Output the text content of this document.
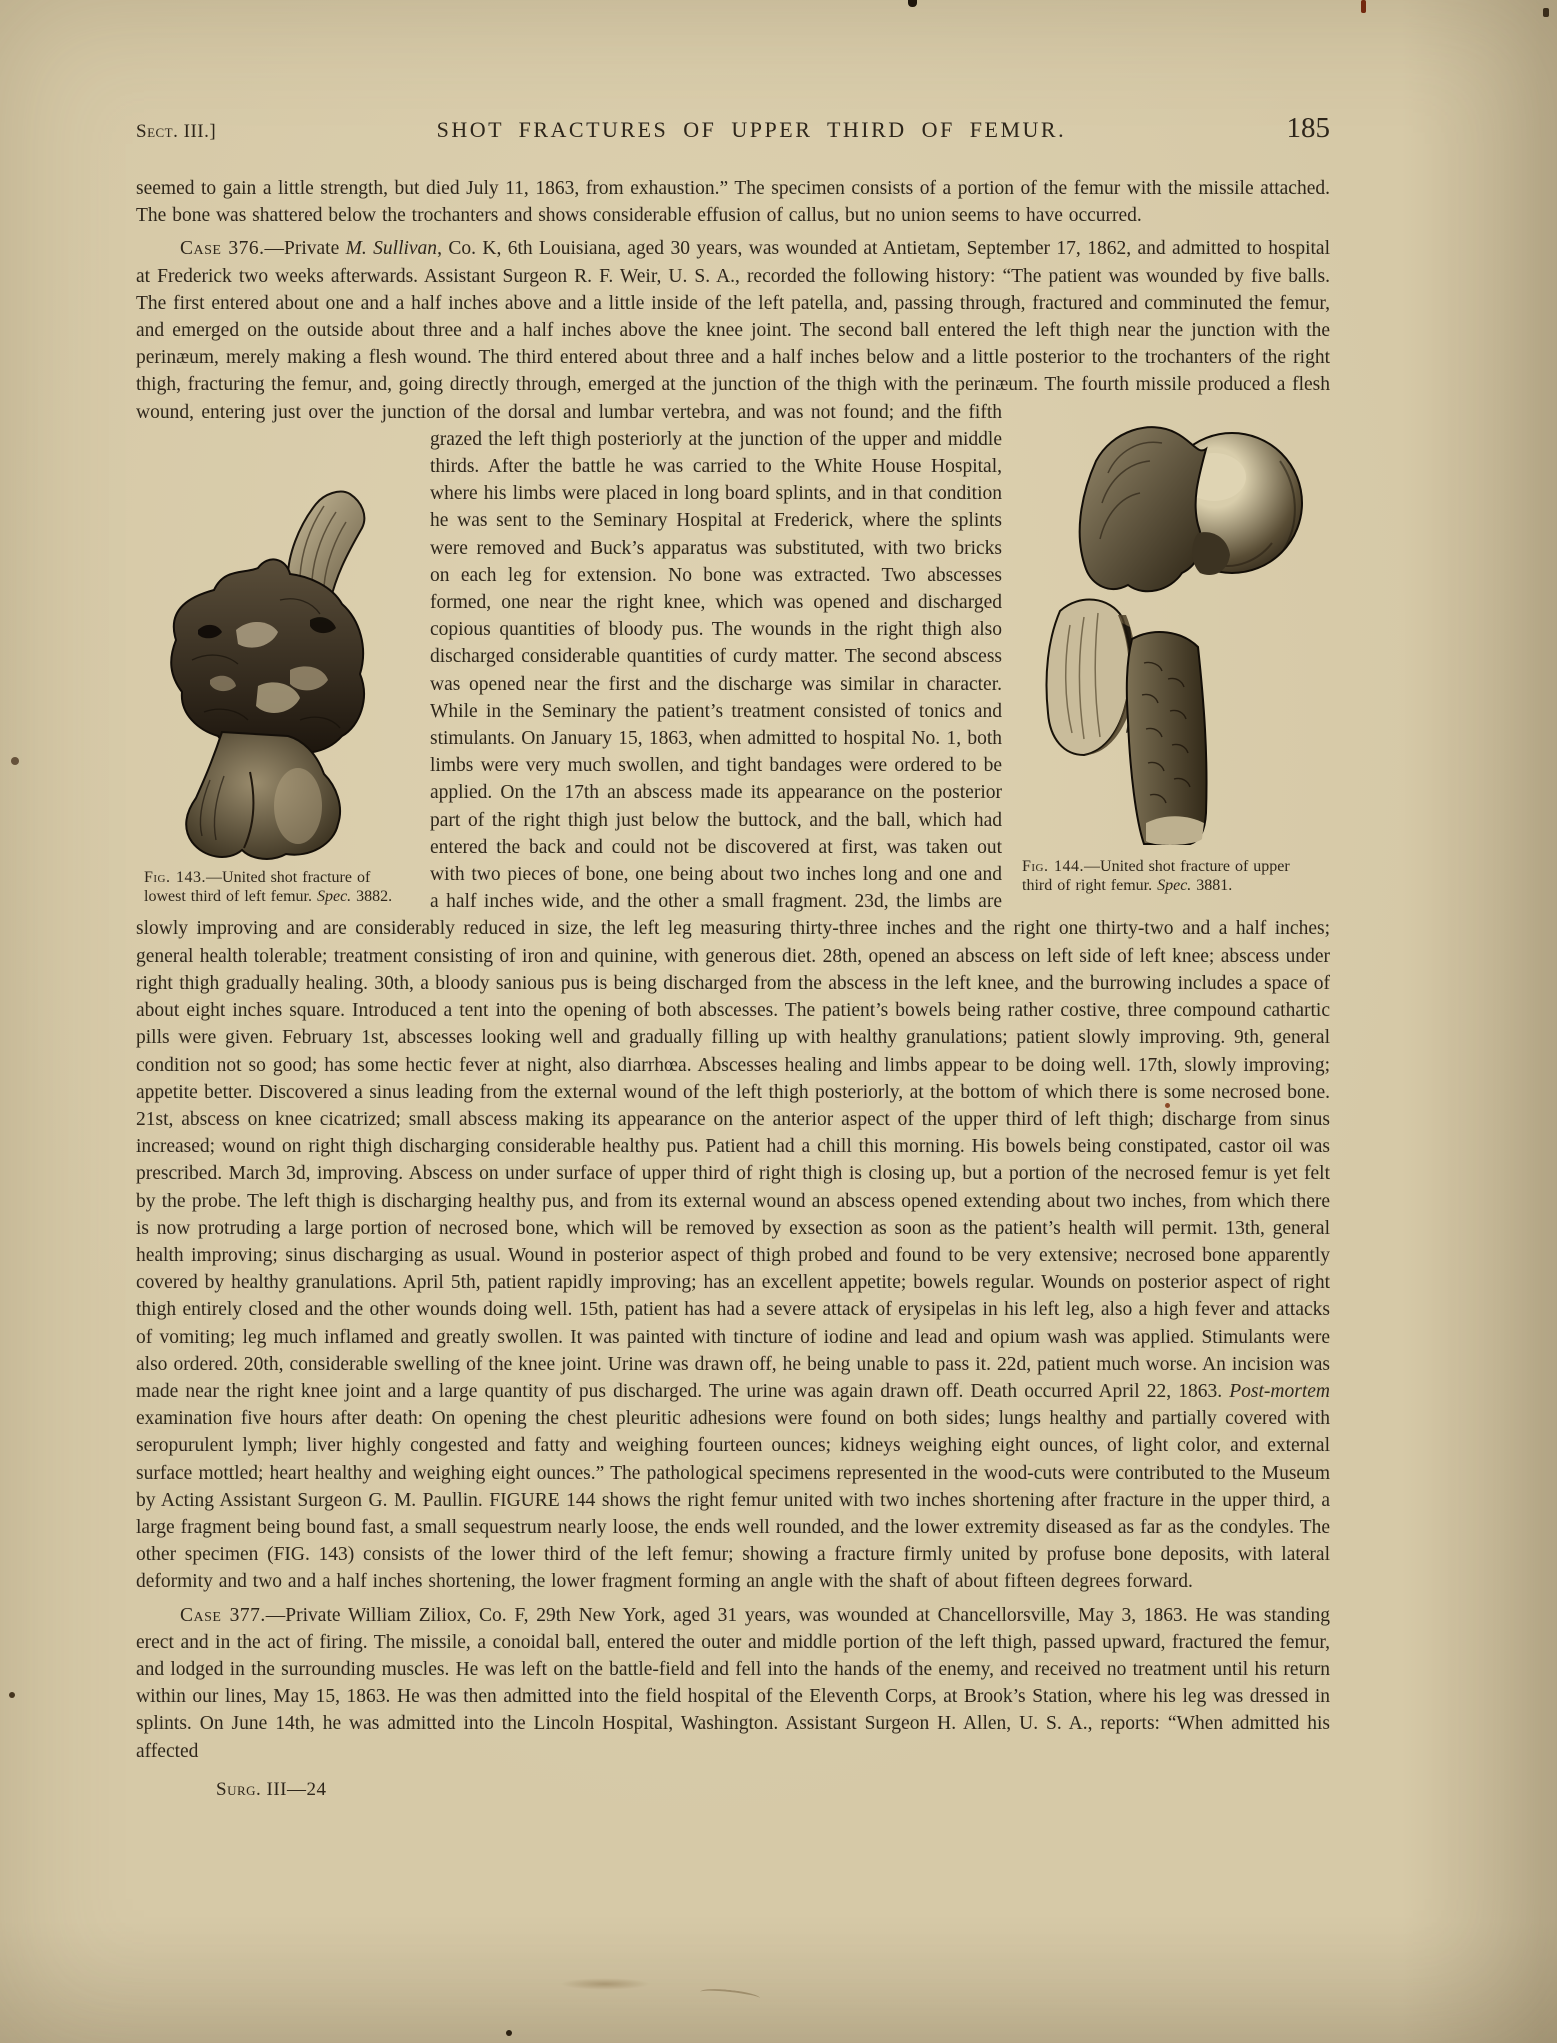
Sect. III.]	SHOT FRACTURES OF UPPER THIRD OF FEMUR.	185

seemed to gain a little strength, but died July 11, 1863, from exhaustion.” The specimen consists of a portion of the femur with the missile attached. The bone was shattered below the trochanters and shows considerable effusion of callus, but no union seems to have occurred.

Case 376.—Private M. Sullivan, Co. K, 6th Louisiana, aged 30 years, was wounded at Antietam, September 17, 1862, and admitted to hospital at Frederick two weeks afterwards. Assistant Surgeon R. F. Weir, U. S. A., recorded the following history: “The patient was wounded by five balls. The first entered about one and a half inches above and a little inside of the left patella, and, passing through, fractured and comminuted the femur, and emerged on the outside about three and a half inches above the knee joint. The second ball entered the left thigh near the junction with the perinæum, merely making a flesh wound. The third entered about three and a half inches below and a little posterior to the trochanters of the right thigh, fracturing the femur, and, going directly through, emerged at the junction of the thigh with the perinæum. The fourth missile produced a flesh wound, entering just over the junction of the dorsal and lumbar vertebra, and was not found; and
Fig. 144.—United shot fracture of upper third of right femur. Spec. 3881.
Fig. 143.—United shot fracture of lowest third of left femur. Spec. 3882.
the fifth grazed the left thigh posteriorly at the junction of the upper and middle thirds. After the battle he was carried to the White House Hospital, where his limbs were placed in long board splints, and in that condition he was sent to the Seminary Hospital at Frederick, where the splints were removed and Buck’s apparatus was substituted, with two bricks on each leg for extension. No bone was extracted. Two abscesses formed, one near the right knee, which was opened and discharged copious quantities of bloody pus. The wounds in the right thigh also discharged considerable quantities of curdy matter. The second abscess was opened near the first and the discharge was similar in character. While in the Seminary the patient’s treatment consisted of tonics and stimulants. On January 15, 1863, when admitted to hospital No. 1, both limbs were very much swollen, and tight bandages were ordered to be applied. On the 17th an abscess made its appearance on the posterior part of the right thigh just below the buttock, and the ball, which had entered the back and could not be discovered at first, was taken out with two pieces of bone, one being about two inches long and one and a half inches wide, and the other a small fragment. 23d, the limbs are slowly improving and are considerably reduced in size, the left leg measuring thirty-three inches and the right one thirty-two and a half inches; general health tolerable; treatment consisting of iron and quinine, with generous diet. 28th, opened an abscess on left side of left knee; abscess under right thigh gradually healing. 30th, a bloody sanious pus is being discharged from the abscess in the left knee, and the burrowing includes a space of about eight inches square. Introduced a tent into the opening of both abscesses. The patient’s bowels being rather costive, three compound cathartic pills were given. February 1st, abscesses looking well and gradually filling up with healthy granulations; patient slowly improving. 9th, general condition not so good; has some hectic fever at night, also diarrhœa. Abscesses healing and limbs appear to be doing well. 17th, slowly improving; appetite better. Discovered a sinus leading from the external wound of the left thigh posteriorly, at the bottom of which there is some necrosed bone. 21st, abscess on knee cicatrized; small abscess making its appearance on the anterior aspect of the upper third of left thigh; discharge from sinus increased; wound on right thigh discharging considerable healthy pus. Patient had a chill this morning. His bowels being constipated, castor oil was prescribed. March 3d, improving. Abscess on under surface of upper third of right thigh is closing up, but a portion of the necrosed femur is yet felt by the probe. The left thigh is discharging healthy pus, and from its external wound an abscess opened extending about two inches, from which there is now protruding a large portion of necrosed bone, which will be removed by exsection as soon as the patient’s health will permit. 13th, general health improving; sinus discharging as usual. Wound in posterior aspect of thigh probed and found to be very extensive; necrosed bone apparently covered by healthy granulations. April 5th, patient rapidly improving; has an excellent appetite; bowels regular. Wounds on posterior aspect of right thigh entirely closed and the other wounds doing well. 15th, patient has had a severe attack of erysipelas in his left leg, also a high fever and attacks of vomiting; leg much inflamed and greatly swollen. It was painted with tincture of iodine and lead and opium wash was applied. Stimulants were also ordered. 20th, considerable swelling of the knee joint. Urine was drawn off, he being unable to pass it. 22d, patient much worse. An incision was made near the right knee joint and a large quantity of pus discharged. The urine was again drawn off. Death occurred April 22, 1863. Post-mortem examination five hours after death: On opening the chest pleuritic adhesions were found on both sides; lungs healthy and partially covered with seropurulent lymph; liver highly congested and fatty and weighing fourteen ounces; kidneys weighing eight ounces, of light color, and external surface mottled; heart healthy and weighing eight ounces.” The pathological specimens represented in the wood-cuts were contributed to the Museum by Acting Assistant Surgeon G. M. Paullin. FIGURE 144 shows the right femur united with two inches shortening after fracture in the upper third, a large fragment being bound fast, a small sequestrum nearly loose, the ends well rounded, and the lower extremity diseased as far as the condyles. The other specimen (FIG. 143) consists of the lower third of the left femur; showing a fracture firmly united by profuse bone deposits, with lateral deformity and two and a half inches shortening, the lower fragment forming an angle with the shaft of about fifteen degrees forward.

Case 377.—Private William Ziliox, Co. F, 29th New York, aged 31 years, was wounded at Chancellorsville, May 3, 1863. He was standing erect and in the act of firing. The missile, a conoidal ball, entered the outer and middle portion of the left thigh, passed upward, fractured the femur, and lodged in the surrounding muscles. He was left on the battle-field and fell into the hands of the enemy, and received no treatment until his return within our lines, May 15, 1863. He was then admitted into the field hospital of the Eleventh Corps, at Brook’s Station, where his leg was dressed in splints. On June 14th, he was admitted into the Lincoln Hospital, Washington. Assistant Surgeon H. Allen, U. S. A., reports: “When admitted his affected

Surg. III—24
